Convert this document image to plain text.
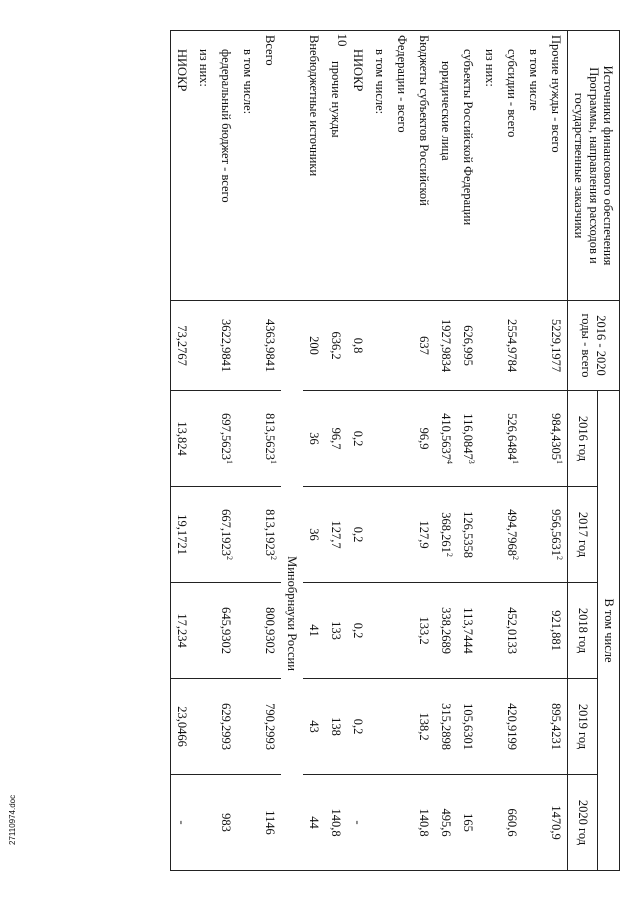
Источники финансового обеспечения Программы, направления расходов и государственные заказчики	2016 - 2020 годы - всего	В том числе				
		2016 год	2017 год	2018 год	2019 год	2020 год
Прочие нужды - всего	5229,1977	984,4305$^1$	956,5631$^2$	921,881	895,4231	1470,9
в том числе						
субсидии - всего	2554,9784	526,6484$^1$	494,7968$^2$	452,0133	420,9199	660,6
из них:						
субъекты Российской Федерации	626,995	116,0847$^3$	126,5358	113,7444	105,6301	165
юридические лица	1927,9834	410,5637$^4$	368,261$^2$	338,2689	315,2898	495,6
Бюджеты субъектов Российской	637	96,9	127,9	133,2	138,2	140,8
Федерации - всего						
в том числе:						
НИОКР	0,8	0,2	0,2	0,2	0,2	-
прочие нужды	636,2	96,7	127,7	133	138	140,8
Внебюджетные источники	200	36	36	41	43	44
	Минобрнауки России					
Всего	4363,9841	813,5623$^1$	813,1923$^2$	800,9302	790,2993	1146
в том числе:						
федеральный бюджет - всего	3622,9841	697,5623$^1$	667,1923$^2$	645,9302	629,2993	983
из них:						
НИОКР	73,2767	13,824	19,1721	17,234	23,0466	-
10
27110974.doc
